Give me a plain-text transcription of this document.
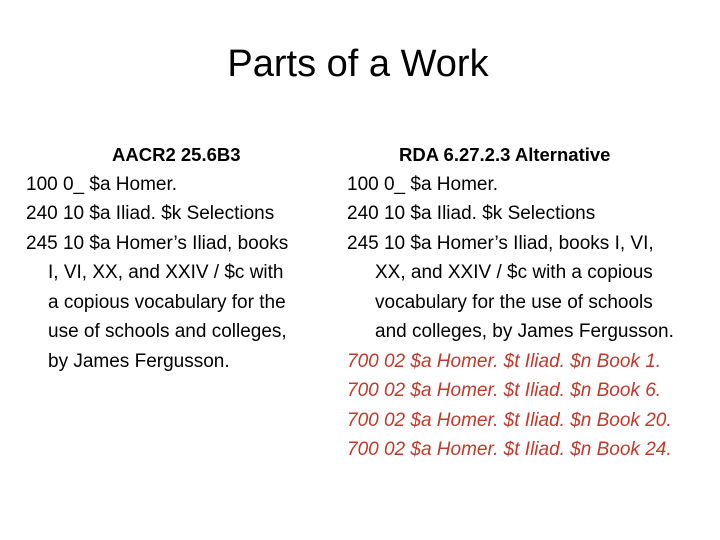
Parts of a Work
AACR2 25.6B3
100 0_ $a Homer.
240 10 $a Iliad. $k Selections
245 10 $a Homer’s Iliad, books
I, VI, XX, and XXIV / $c with
a copious vocabulary for the
use of schools and colleges,
by James Fergusson.
RDA 6.27.2.3 Alternative
100 0_ $a Homer.
240 10 $a Iliad. $k Selections
245 10 $a Homer’s Iliad, books I, VI,
XX, and XXIV / $c with a copious
vocabulary for the use of schools
and colleges, by James Fergusson.
700 02 $a Homer. $t Iliad. $n Book 1.
700 02 $a Homer. $t Iliad. $n Book 6.
700 02 $a Homer. $t Iliad. $n Book 20.
700 02 $a Homer. $t Iliad. $n Book 24.
